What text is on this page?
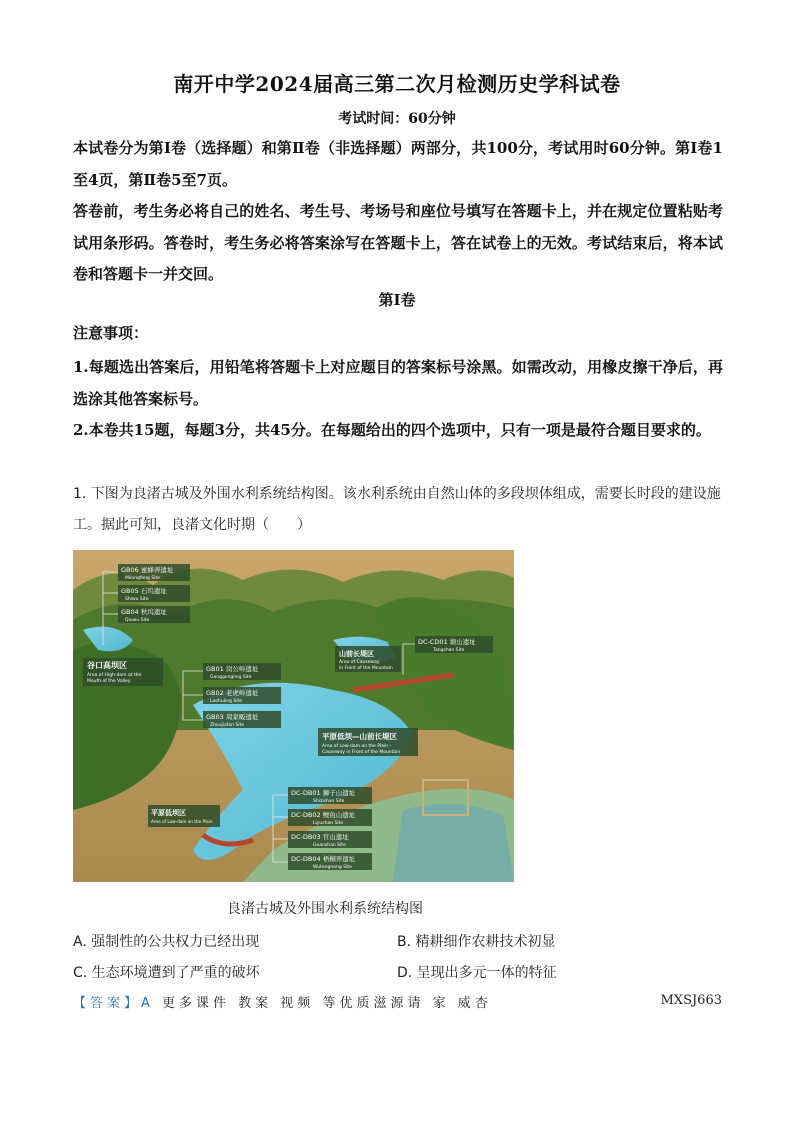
南开中学2024届高三第二次月检测历史学科试卷
考试时间：60分钟
本试卷分为第Ⅰ卷（选择题）和第Ⅱ卷（非选择题）两部分，共100分，考试用时60分钟。第Ⅰ卷1至4页，第Ⅱ卷5至7页。
答卷前，考生务必将自己的姓名、考生号、考场号和座位号填写在答题卡上，并在规定位置粘贴考试用条形码。答卷时，考生务必将答案涂写在答题卡上，答在试卷上的无效。考试结束后，将本试卷和答题卡一并交回。
第Ⅰ卷
注意事项：
1.每题选出答案后，用铅笔将答题卡上对应题目的答案标号涂黑。如需改动，用橡皮擦干净后，再选涂其他答案标号。
2.本卷共15题，每题3分，共45分。在每题给出的四个选项中，只有一项是最符合题目要求的。
1. 下图为良渚古城及外围水利系统结构图。该水利系统由自然山体的多段坝体组成，需要长时段的建设施工。据此可知，良渚文化时期（　　）
GB06 蜜蜂弄遗址
Milongfeng Site
GB05 石坞遗址
Shiwu Site
GB04 秋坞遗址
Qiuwu Site
谷口高坝区
Area of High-dam at the
Mouth of the Valley
GB01 岗公岭遗址
Ganggongling Site
GB02 老虎岭遗址
Laohuling Site
GB03 周家畈遗址
Zhoujiafan Site
山前长堤区
Area of Causeway
in Front of the Mountain
DC-CD01 塘山遗址
Tangshan Site
平原低坝—山前长堤区
Area of Low-dam on the Plain -
Causeway in Front of the Mountain
平原低坝区
Area of Low-dam on the Plain
DC-DB01 狮子山遗址
Shizishan Site
DC-DB02 鲤鱼山遗址
Liyushan Site
DC-DB03 官山遗址
Guanshan Site
DC-DB04 梧桐弄遗址
Wutongnong Site
良渚古城及外围水利系统结构图
A. 强制性的公共权力已经出现	B. 精耕细作农耕技术初显
C. 生态环境遭到了严重的破坏	D. 呈现出多元一体的特征
【答案】A 更多课件 教案 视频 等优质滋源请 家 威杏	MXSJ663
